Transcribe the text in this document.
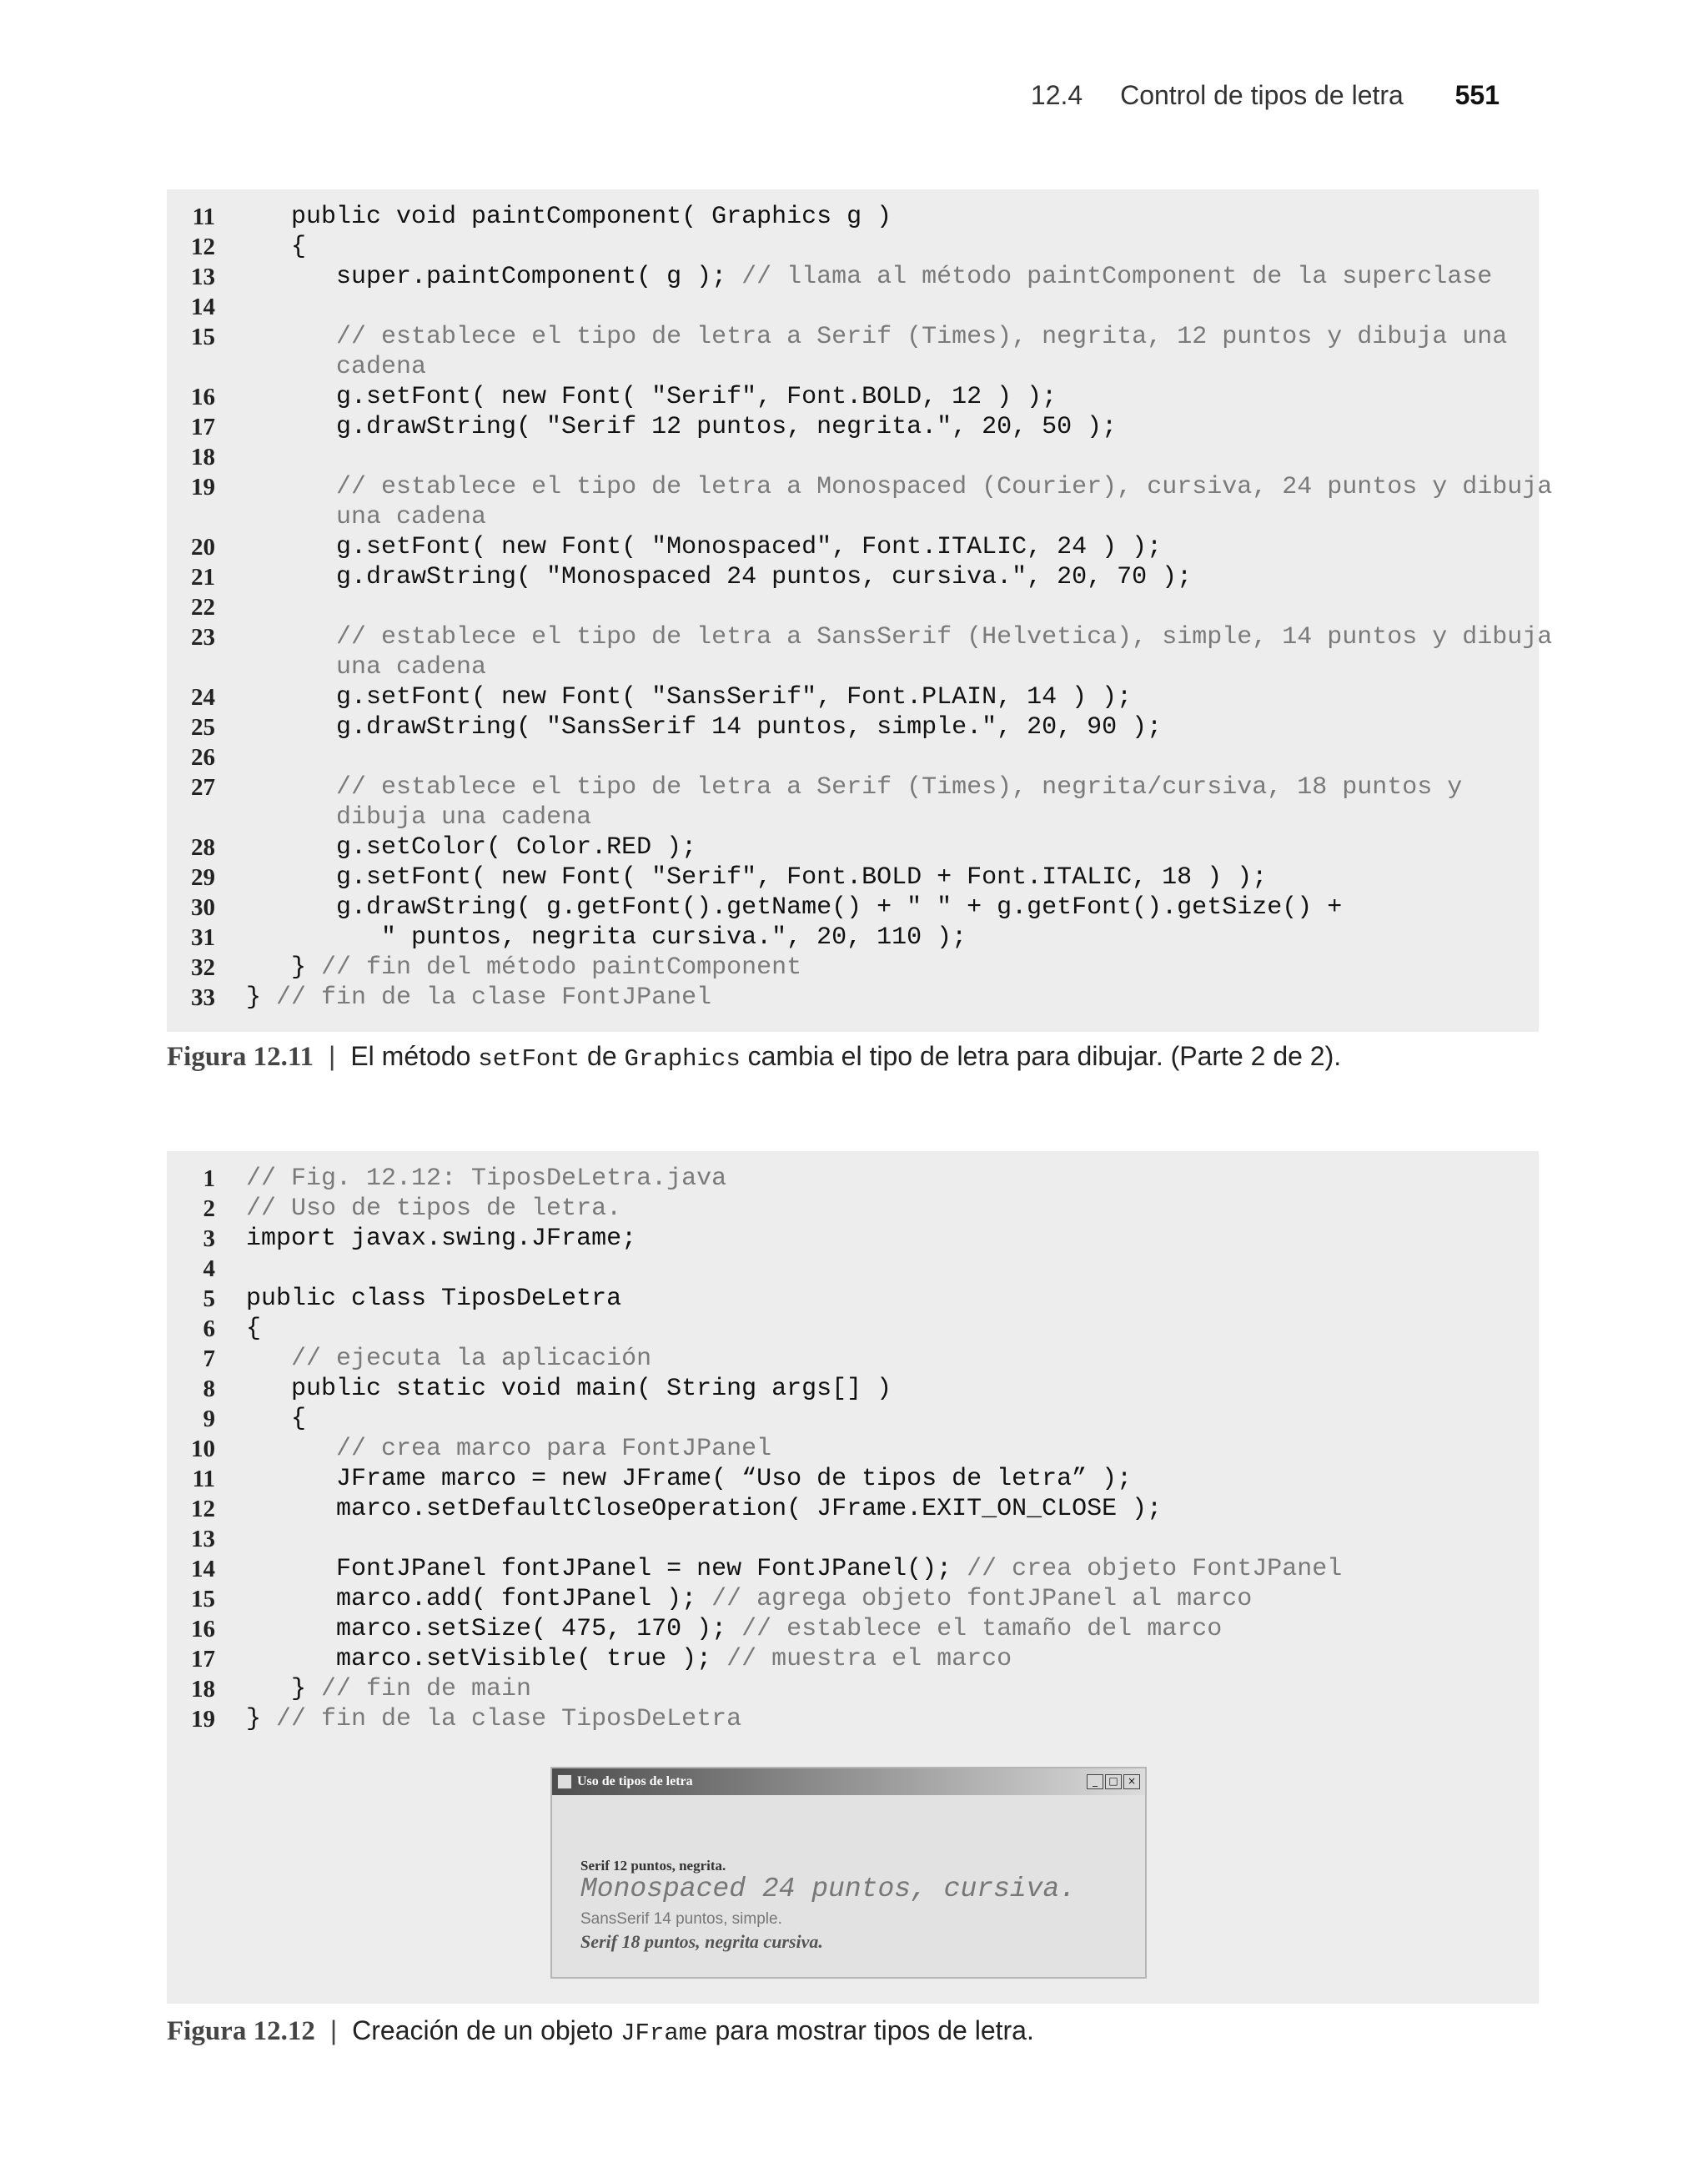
12.4 Control de tipos de letra 551
11 public void paintComponent( Graphics g )
12 {
13 super.paintComponent( g ); // llama al método paintComponent de la superclase
14
15	// establece el tipo de letra a Serif (Times), negrita, 12 puntos y dibuja una
cadena
16 g.setFont( new Font( "Serif", Font.BOLD, 12 ) );
17 g.drawString( "Serif 12 puntos, negrita.", 20, 50 );
18
19	// establece el tipo de letra a Monospaced (Courier), cursiva, 24 puntos y dibuja
una cadena
20 g.setFont( new Font( "Monospaced", Font.ITALIC, 24 ) );
21 g.drawString( "Monospaced 24 puntos, cursiva.", 20, 70 );
22
23	// establece el tipo de letra a SansSerif (Helvetica), simple, 14 puntos y dibuja
una cadena
24 g.setFont( new Font( "SansSerif", Font.PLAIN, 14 ) );
25 g.drawString( "SansSerif 14 puntos, simple.", 20, 90 );
26
27	// establece el tipo de letra a Serif (Times), negrita/cursiva, 18 puntos y
dibuja una cadena
28 g.setColor( Color.RED );
29 g.setFont( new Font( "Serif", Font.BOLD + Font.ITALIC, 18 ) );
30 g.drawString( g.getFont().getName() + " " + g.getFont().getSize() +
31 " puntos, negrita cursiva.", 20, 110 );
32 } // fin del método paintComponent
33 } // fin de la clase FontJPanel
Figura 12.11 | El método setFont de Graphics cambia el tipo de letra para dibujar. (Parte 2 de 2).
1 // Fig. 12.12: TiposDeLetra.java
2 // Uso de tipos de letra.
3 import javax.swing.JFrame;
4
5 public class TiposDeLetra
6 {
7	// ejecuta la aplicación
8 public static void main( String args[] )
9 {
10	// crea marco para FontJPanel
11 JFrame marco = new JFrame( “Uso de tipos de letra” );
12 marco.setDefaultCloseOperation( JFrame.EXIT_ON_CLOSE );
13
14 FontJPanel fontJPanel = new FontJPanel(); // crea objeto FontJPanel
15 marco.add( fontJPanel ); // agrega objeto fontJPanel al marco
16 marco.setSize( 475, 170 ); // establece el tamaño del marco
17 marco.setVisible( true ); // muestra el marco
18 } // fin de main
19 } // fin de la clase TiposDeLetra
Uso de tipos de letra	_	□ ×
Serif 12 puntos, negrita.
Monospaced 24 puntos, cursiva.
SansSerif 14 puntos, simple.
Serif 18 puntos, negrita cursiva.
Figura 12.12 | Creación de un objeto JFrame para mostrar tipos de letra.
